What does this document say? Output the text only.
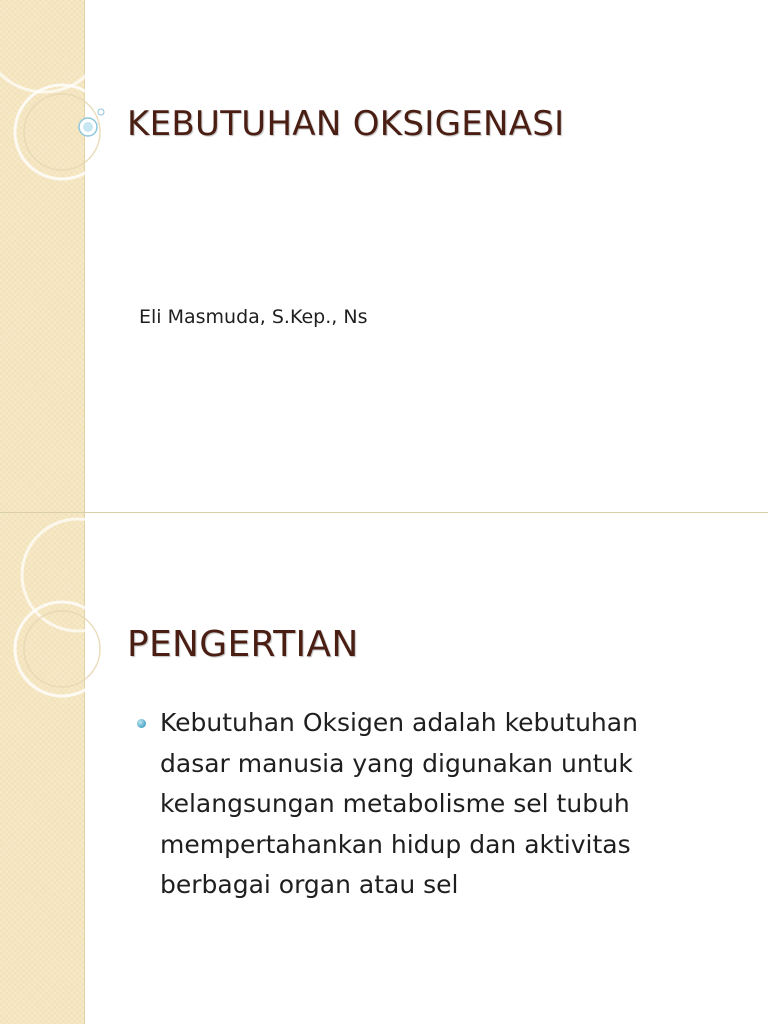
KEBUTUHAN OKSIGENASI

Eli Masmuda, S.Kep., Ns

PENGERTIAN
Kebutuhan Oksigen adalah kebutuhan dasar manusia yang digunakan untuk kelangsungan metabolisme sel tubuh mempertahankan hidup dan aktivitas berbagai organ atau sel
